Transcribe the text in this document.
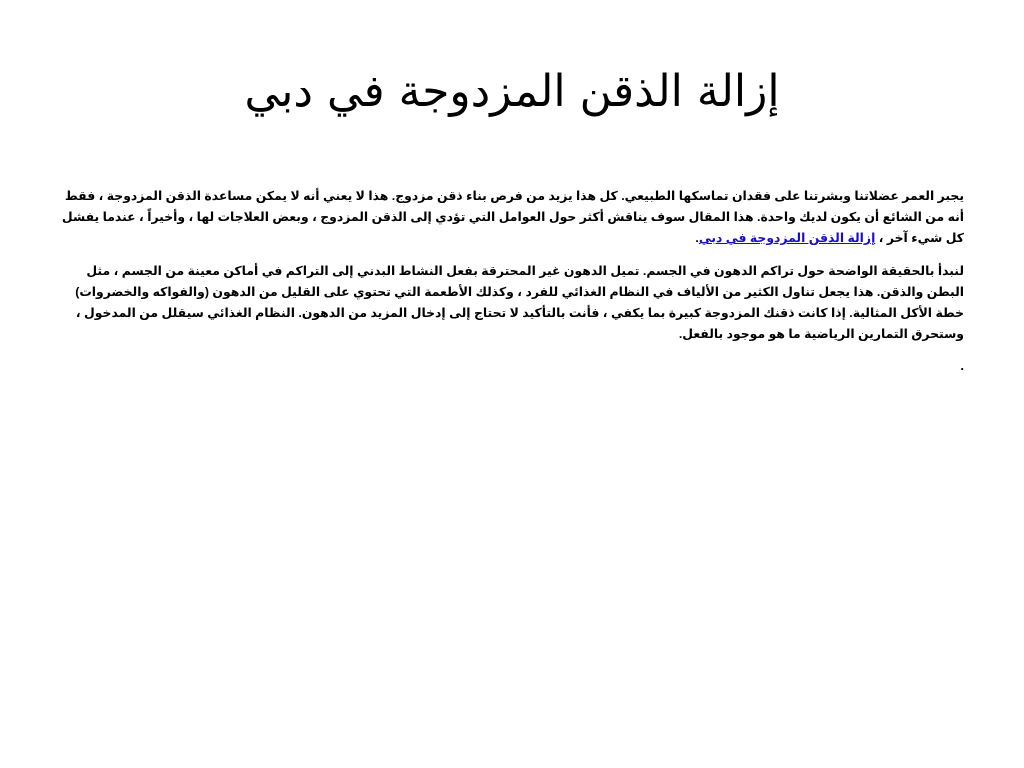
إزالة الذقن المزدوجة في دبي

يجبر العمر عضلاتنا وبشرتنا على فقدان تماسكها الطبيعي. كل هذا يزيد من فرص بناء ذقن مزدوج. هذا لا يعني أنه لا يمكن مساعدة الذقن المزدوجة ، فقط أنه من الشائع أن يكون لديك واحدة. هذا المقال سوف يناقش أكثر حول العوامل التي تؤدي إلى الذقن المزدوج ، وبعض العلاجات لها ، وأخيراً ، عندما يفشل كل شيء آخر ، إزالة الذقن المزدوجة في دبي.

لنبدأ بالحقيقة الواضحة حول تراكم الدهون في الجسم. تميل الدهون غير المحترقة بفعل النشاط البدني إلى التراكم في أماكن معينة من الجسم ، مثل البطن والذقن. هذا يجعل تناول الكثير من الألياف في النظام الغذائي للفرد ، وكذلك الأطعمة التي تحتوي على القليل من الدهون (والفواكه والخضروات) خطة الأكل المثالية. إذا كانت ذقنك المزدوجة كبيرة بما يكفي ، فأنت بالتأكيد لا تحتاج إلى إدخال المزيد من الدهون. النظام الغذائي سيقلل من المدخول ، وستحرق التمارين الرياضية ما هو موجود بالفعل.

.
